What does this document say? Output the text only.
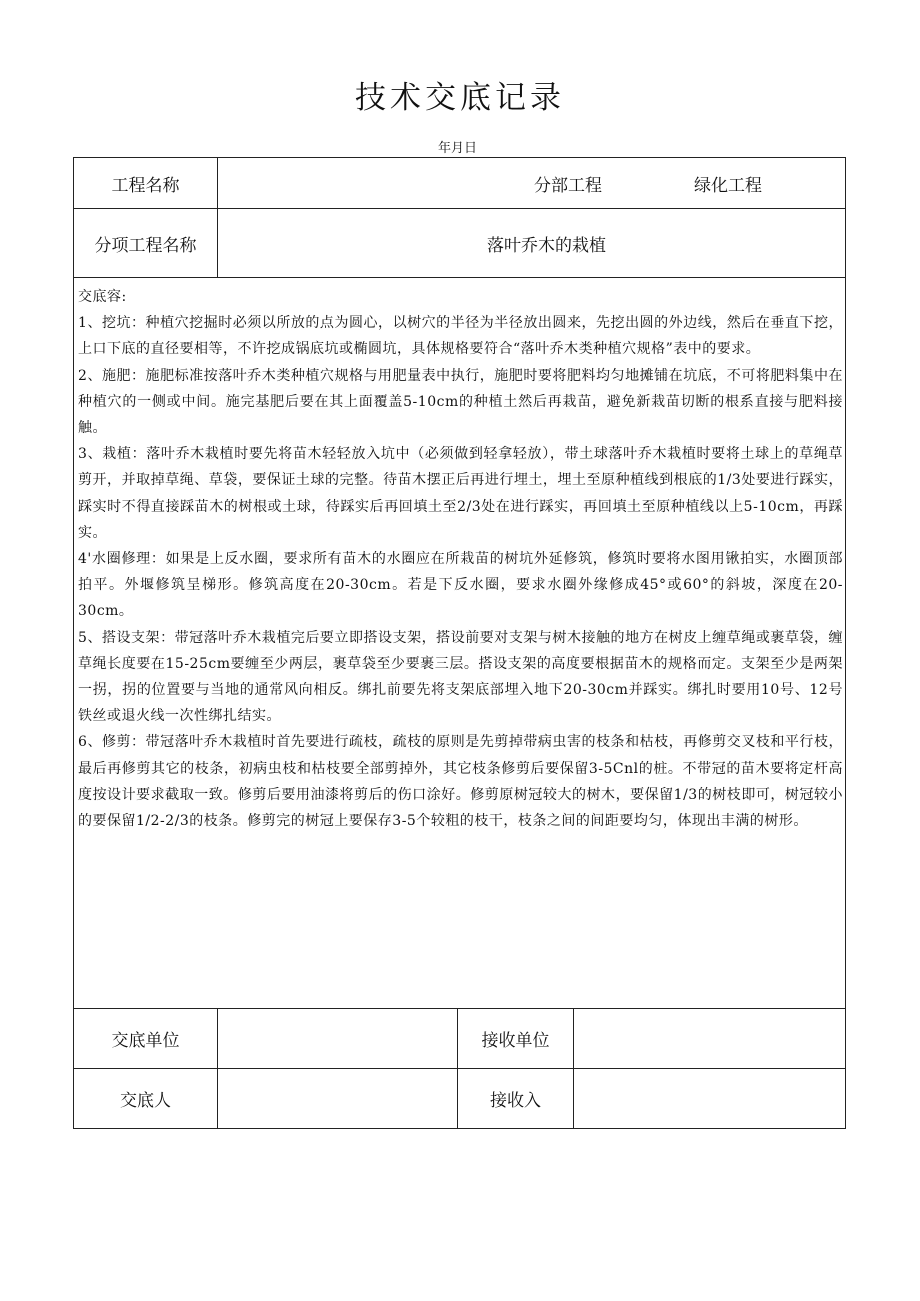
技术交底记录
年月日
工程名称	分部工程	绿化工程
分项工程名称	落叶乔木的栽植

交底容:

1、挖坑：种植穴挖掘时必须以所放的点为圆心，以树穴的半径为半径放出圆来，先挖出圆的外边线，然后在垂直下挖，上口下底的直径要相等，不许挖成锅底坑或椭圆坑，具体规格要符合“落叶乔木类种植穴规格”表中的要求。

2、施肥：施肥标准按落叶乔木类种植穴规格与用肥量表中执行，施肥时要将肥料均匀地摊铺在坑底，不可将肥料集中在种植穴的一侧或中间。施完基肥后要在其上面覆盖5-10cm的种植土然后再栽苗，避免新栽苗切断的根系直接与肥料接触。

3、栽植：落叶乔木栽植时要先将苗木轻轻放入坑中（必须做到轻拿轻放），带土球落叶乔木栽植时要将土球上的草绳草剪开，并取掉草绳、草袋，要保证土球的完整。待苗木摆正后再进行埋土，埋土至原种植线到根底的1/3处要进行踩实，踩实时不得直接踩苗木的树根或土球，待踩实后再回填土至2/3处在进行踩实，再回填土至原种植线以上5-10cm，再踩实。

4'水圈修理：如果是上反水圈，要求所有苗木的水圈应在所栽苗的树坑外延修筑，修筑时要将水图用锹拍实，水圈顶部拍平。外堰修筑呈梯形。修筑高度在20-30cm。若是下反水圈，要求水圈外缘修成45°或60°的斜坡，深度在20-30cm。

5、搭设支架：带冠落叶乔木栽植完后要立即搭设支架，搭设前要对支架与树木接触的地方在树皮上缠草绳或裹草袋，缠草绳长度要在15-25cm要缠至少两层，裹草袋至少要裹三层。搭设支架的高度要根据苗木的规格而定。支架至少是两架一拐，拐的位置要与当地的通常风向相反。绑扎前要先将支架底部埋入地下20-30cm并踩实。绑扎时要用10号、12号铁丝或退火线一次性绑扎结实。

6、修剪：带冠落叶乔木栽植时首先要进行疏枝，疏枝的原则是先剪掉带病虫害的枝条和枯枝，再修剪交叉枝和平行枝，最后再修剪其它的枝条，初病虫枝和枯枝要全部剪掉外，其它枝条修剪后要保留3-5Cnl的桩。不带冠的苗木要将定杆高度按设计要求截取一致。修剪后要用油漆将剪后的伤口涂好。修剪原树冠较大的树木，要保留1/3的树枝即可，树冠较小的要保留1/2-2/3的枝条。修剪完的树冠上要保存3-5个较粗的枝干，枝条之间的间距要均匀，体现出丰满的树形。

交底单位	接收单位
交底人	接收入
